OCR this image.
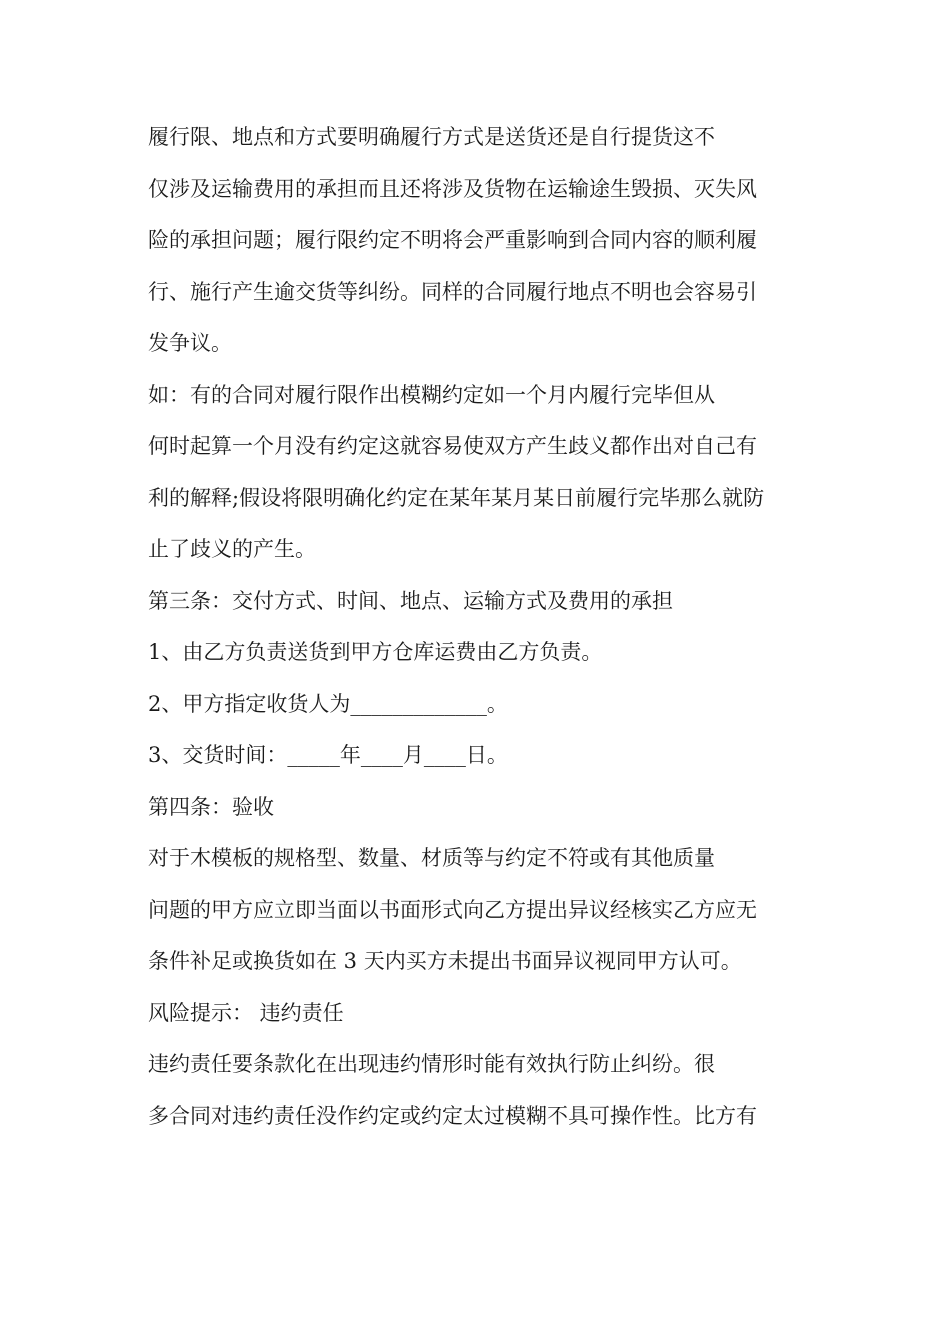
履行限、地点和方式要明确履行方式是送货还是自行提货这不
仅涉及运输费用的承担而且还将涉及货物在运输途生毁损、灭失风
险的承担问题；履行限约定不明将会严重影响到合同内容的顺利履
行、施行产生逾交货等纠纷。同样的合同履行地点不明也会容易引
发争议。

如：有的合同对履行限作出模糊约定如一个月内履行完毕但从
何时起算一个月没有约定这就容易使双方产生歧义都作出对自己有
利的解释;假设将限明确化约定在某年某月某日前履行完毕那么就防
止了歧义的产生。

第三条：交付方式、时间、地点、运输方式及费用的承担

1、由乙方负责送货到甲方仓库运费由乙方负责。

2、甲方指定收货人为_____________。

3、交货时间：_____年____月____日。

第四条：验收

对于木模板的规格型、数量、材质等与约定不符或有其他质量
问题的甲方应立即当面以书面形式向乙方提出异议经核实乙方应无
条件补足或换货如在 3 天内买方未提出书面异议视同甲方认可。

风险提示： 违约责任

违约责任要条款化在出现违约情形时能有效执行防止纠纷。很
多合同对违约责任没作约定或约定太过模糊不具可操作性。比方有
